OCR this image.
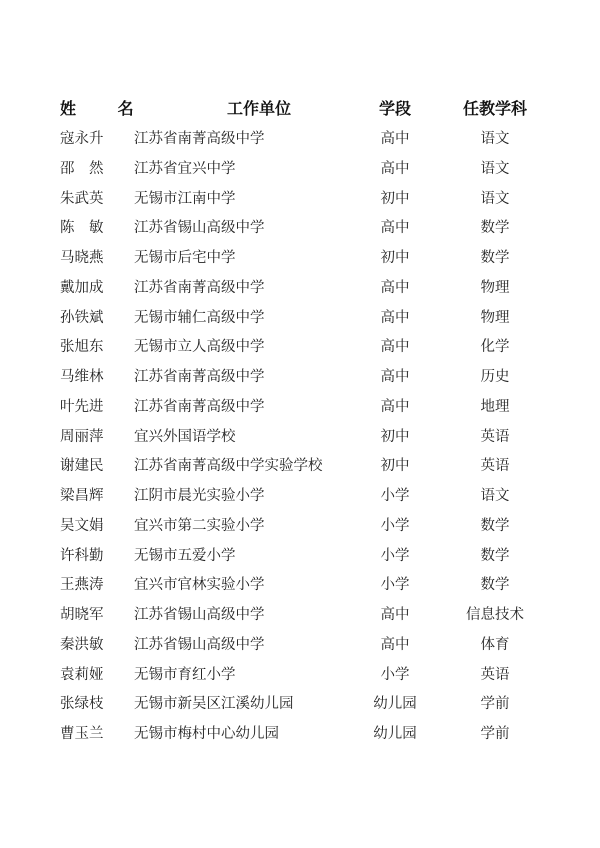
姓 名	工作单位	学段	任教学科
寇永升	江苏省南菁高级中学	高中	语文
邵　然	江苏省宜兴中学	高中	语文
朱武英	无锡市江南中学	初中	语文
陈　敏	江苏省锡山高级中学	高中	数学
马晓燕	无锡市后宅中学	初中	数学
戴加成	江苏省南菁高级中学	高中	物理
孙铁斌	无锡市辅仁高级中学	高中	物理
张旭东	无锡市立人高级中学	高中	化学
马维林	江苏省南菁高级中学	高中	历史
叶先进	江苏省南菁高级中学	高中	地理
周丽萍	宜兴外国语学校	初中	英语
谢建民	江苏省南菁高级中学实验学校	初中	英语
梁昌辉	江阴市晨光实验小学	小学	语文
吴文娟	宜兴市第二实验小学	小学	数学
许科勤	无锡市五爱小学	小学	数学
王燕涛	宜兴市官林实验小学	小学	数学
胡晓军	江苏省锡山高级中学	高中	信息技术
秦洪敏	江苏省锡山高级中学	高中	体育
袁莉娅	无锡市育红小学	小学	英语
张绿枝	无锡市新吴区江溪幼儿园	幼儿园	学前
曹玉兰	无锡市梅村中心幼儿园	幼儿园	学前
